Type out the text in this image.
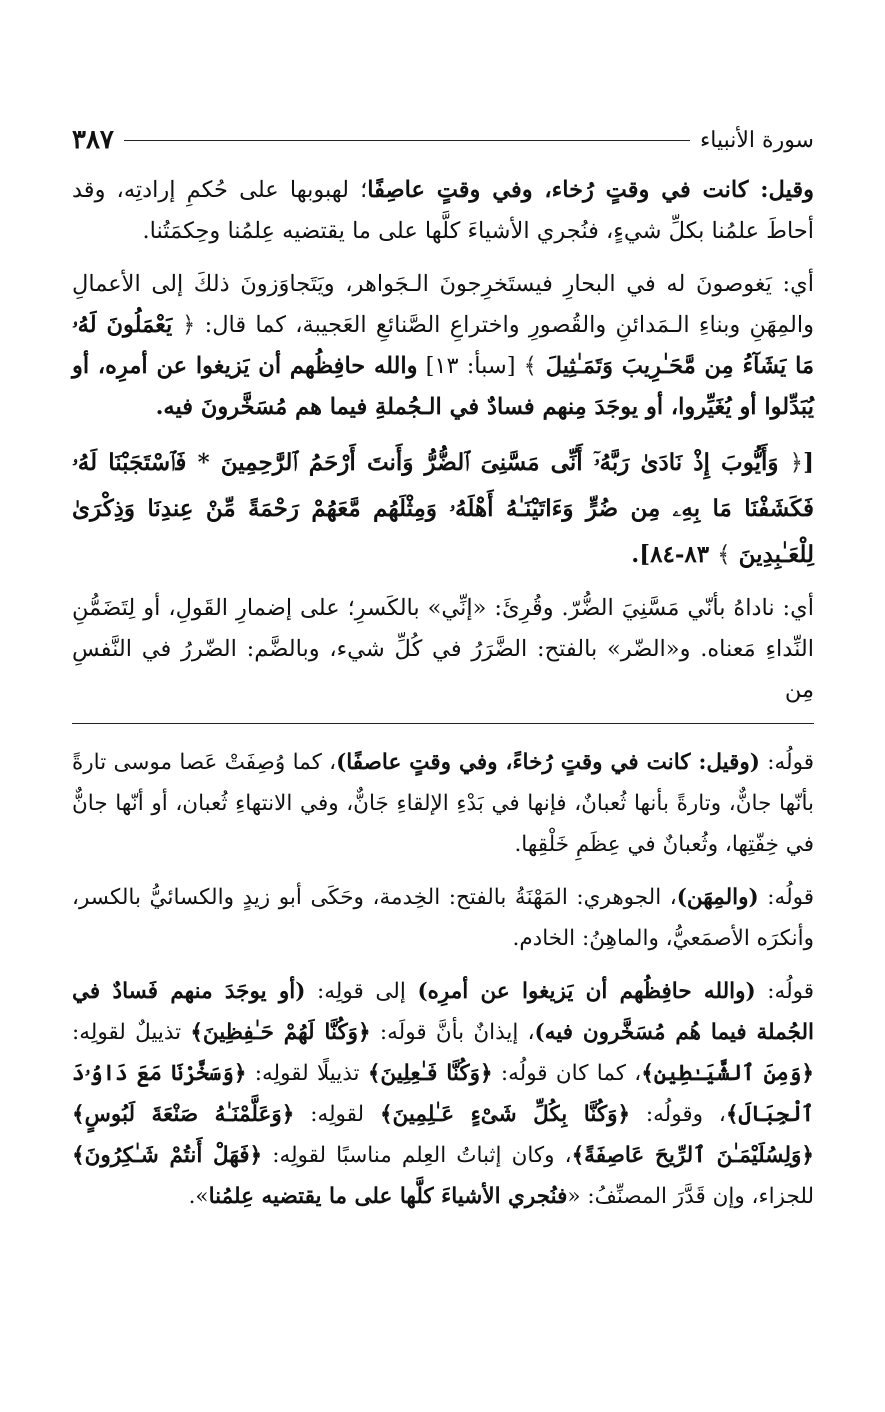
سورة الأنبياء
٣٨٧

وقيل: كانت في وقتٍ رُخاء، وفي وقتٍ عاصِفًا؛ لهبوبها على حُكمِ إرادتِه، وقد أحاطَ علمُنا بكلِّ شيءٍ، فنُجري الأشياءَ كلَّها على ما يقتضيه عِلمُنا وحِكمَتُنا.

أي: يَغوصونَ له في البحارِ فيستَخرِجونَ الـجَواهر، ويَتَجاوَزونَ ذلكَ إلى الأعمالِ والمِهَنِ وبناءِ الـمَدائنِ والقُصورِ واختراعِ الصَّنائعِ العَجيبة، كما قال: ﴿ يَعْمَلُونَ لَهُۥ مَا يَشَآءُ مِن مَّحَـٰرِيبَ وَتَمَـٰثِيلَ ﴾ [سبأ: ١٣] والله حافِظُهم أن يَزيغوا عن أمرِه، أو يُبَدِّلوا أو يُغَيِّروا، أو يوجَدَ مِنهم فسادٌ في الـجُملةِ فيما هم مُسَخَّرونَ فيه.

[﴿ وَأَيُّوبَ إِذْ نَادَىٰ رَبَّهُۥٓ أَنِّى مَسَّنِىَ ٱلضُّرُّ وَأَنتَ أَرْحَمُ ٱلرَّٰحِمِينَ * فَٱسْتَجَبْنَا لَهُۥ فَكَشَفْنَا مَا بِهِۦ مِن ضُرٍّ وَءَاتَيْنَـٰهُ أَهْلَهُۥ وَمِثْلَهُم مَّعَهُمْ رَحْمَةً مِّنْ عِندِنَا وَذِكْرَىٰ لِلْعَـٰبِدِينَ ﴾ ٨٣-٨٤].

أي: ناداهُ بأنّي مَسَّنِيَ الضُّرّ. وقُرِئَ: «إنِّي» بالكَسرِ؛ على إضمارِ القَولِ، أو لِتَضَمُّنِ النِّداءِ مَعناه. و«الضّر» بالفتح: الضَّرَرُ في كُلِّ شيء، وبالضَّم: الضّررُ في النَّفسِ مِن

قولُه: (وقيل: كانت في وقتٍ رُخاءً، وفي وقتٍ عاصفًا)، كما وُصِفَتْ عَصا موسى تارةً بأنّها جانٌّ، وتارةً بأنها ثُعبانٌ، فإنها في بَدْءِ الإلقاءِ جَانٌّ، وفي الانتهاءِ ثُعبان، أو أنّها جانٌّ في خِفّتِها، وثُعبانٌ في عِظَمِ خَلْقِها.

قولُه: (والمِهَن)، الجوهري: المَهْنَةُ بالفتح: الخِدمة، وحَكَى أبو زيدٍ والكسائيُّ بالكسر، وأنكرَه الأصمَعيُّ، والماهِنُ: الخادم.

قولُه: (والله حافِظُهم أن يَزيغوا عن أمرِه) إلى قولِه: (أو يوجَدَ منهم فَسادٌ في الجُملة فيما هُم مُسَخَّرون فيه)، إيذانٌ بأنَّ قولَه: ﴿وَكُنَّا لَهُمْ حَـٰفِظِينَ﴾ تذييلٌ لقولِه: ﴿وَمِنَ ٱلشَّيَـٰطِينِ﴾، كما كان قولُه: ﴿وَكُنَّا فَـٰعِلِينَ﴾ تذييلًا لقولِه: ﴿وَسَخَّرْنَا مَعَ دَاوُۥدَ ٱلْجِبَالَ﴾، وقولُه: ﴿وَكُنَّا بِكُلِّ شَىْءٍ عَـٰلِمِينَ﴾ لقولِه: ﴿وَعَلَّمْنَـٰهُ صَنْعَةَ لَبُوسٍ﴾ ﴿وَلِسُلَيْمَـٰنَ ٱلرِّيحَ عَاصِفَةً﴾، وكان إثباتُ العِلم مناسبًا لقولِه: ﴿فَهَلْ أَنتُمْ شَـٰكِرُونَ﴾ للجزاء، وإن قَدَّرَ المصنِّفُ: «فنُجري الأشياءَ كلَّها على ما يقتضيه عِلمُنا».
